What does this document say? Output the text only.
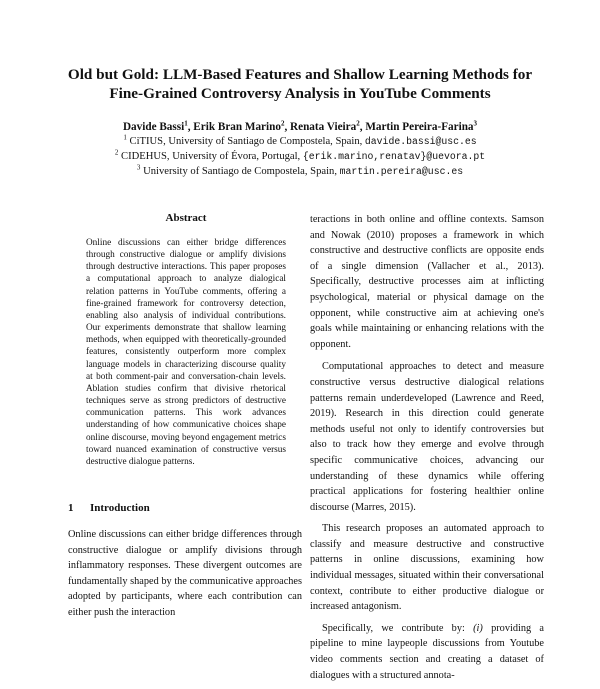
Old but Gold: LLM-Based Features and Shallow Learning Methods for
Fine-Grained Controversy Analysis in YouTube Comments
Davide Bassi$^1$, Erik Bran Marino$^2$, Renata Vieira$^2$, Martin Pereira-Farina$^3$
$^1$ CiTIUS, University of Santiago de Compostela, Spain, davide.bassi@usc.es
$^2$ CIDEHUS, University of Évora, Portugal, {erik.marino,renatav}@uevora.pt
$^3$ University of Santiago de Compostela, Spain, martin.pereira@usc.es
Abstract
Online discussions can either bridge differences through constructive dialogue or amplify divisions through destructive interactions. This paper proposes a computational approach to analyze dialogical relation patterns in YouTube comments, offering a fine-grained framework for controversy detection, enabling also analysis of individual contributions. Our experiments demonstrate that shallow learning methods, when equipped with theoretically-grounded features, consistently outperform more complex language models in characterizing discourse quality at both comment-pair and conversation-chain levels. Ablation studies confirm that divisive rhetorical techniques serve as strong predictors of destructive communication patterns. This work advances understanding of how communicative choices shape online discourse, moving beyond engagement metrics toward nuanced examination of constructive versus destructive dialogue patterns.
1 Introduction

Online discussions can either bridge differences through constructive dialogue or amplify divisions through inflammatory responses. These divergent outcomes are fundamentally shaped by the communicative approaches adopted by participants, where each contribution can either push the interaction

teractions in both online and offline contexts. Samson and Nowak (2010) proposes a framework in which constructive and destructive conflicts are opposite ends of a single dimension (Vallacher et al., 2013). Specifically, destructive processes aim at inflicting psychological, material or physical damage on the opponent, while constructive aim at achieving one's goals while maintaining or enhancing relations with the opponent.

Computational approaches to detect and measure constructive versus destructive dialogical relations patterns remain underdeveloped (Lawrence and Reed, 2019). Research in this direction could generate methods useful not only to identify controversies but also to track how they emerge and evolve through specific communicative choices, advancing our understanding of these dynamics while offering practical applications for fostering healthier online discourse (Marres, 2015).

This research proposes an automated approach to classify and measure destructive and constructive patterns in online discussions, examining how individual messages, situated within their conversational context, contribute to either productive dialogue or increased antagonism.

Specifically, we contribute by: (i) providing a pipeline to mine laypeople discussions from Youtube video comments section and creating a dataset of dialogues with a structured annota-
